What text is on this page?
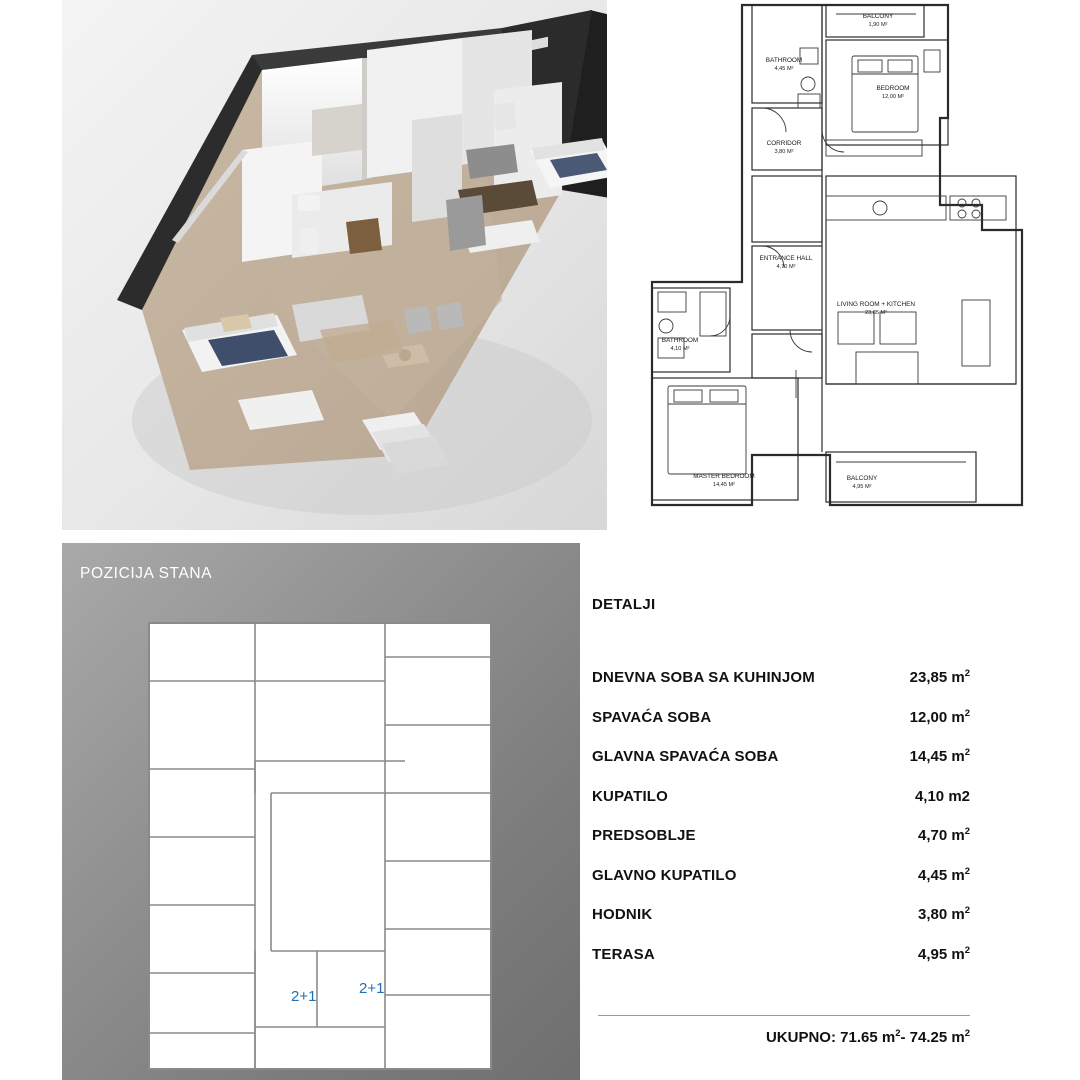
BALCONY
1,90 M²
BATHROOM
4,45 M²
BEDROOM
12,00 M²
CORRIDOR
3,80 M²
ENTRANCE HALL
4,70 M²
LIVING ROOM + KITCHEN
23,85 M²
BATHROOM
4,10 M²
MASTER BEDROOM
14,45 M²
BALCONY
4,95 M²
POZICIJA STANA
2+1	2+1
DETALJI
DNEVNA SOBA SA KUHINJOM	23,85 $m^2$
SPAVAĆA SOBA	12,00 $m^2$
GLAVNA SPAVAĆA SOBA	14,45 $m^2$
KUPATILO	4,10 m2
PREDSOBLJE	4,70 $m^2$
GLAVNO KUPATILO	4,45 $m^2$
HODNIK	3,80 $m^2$
TERASA	4,95 $m^2$
UKUPNO: 71.65 $m^2-$ 74.25 $m^2$
